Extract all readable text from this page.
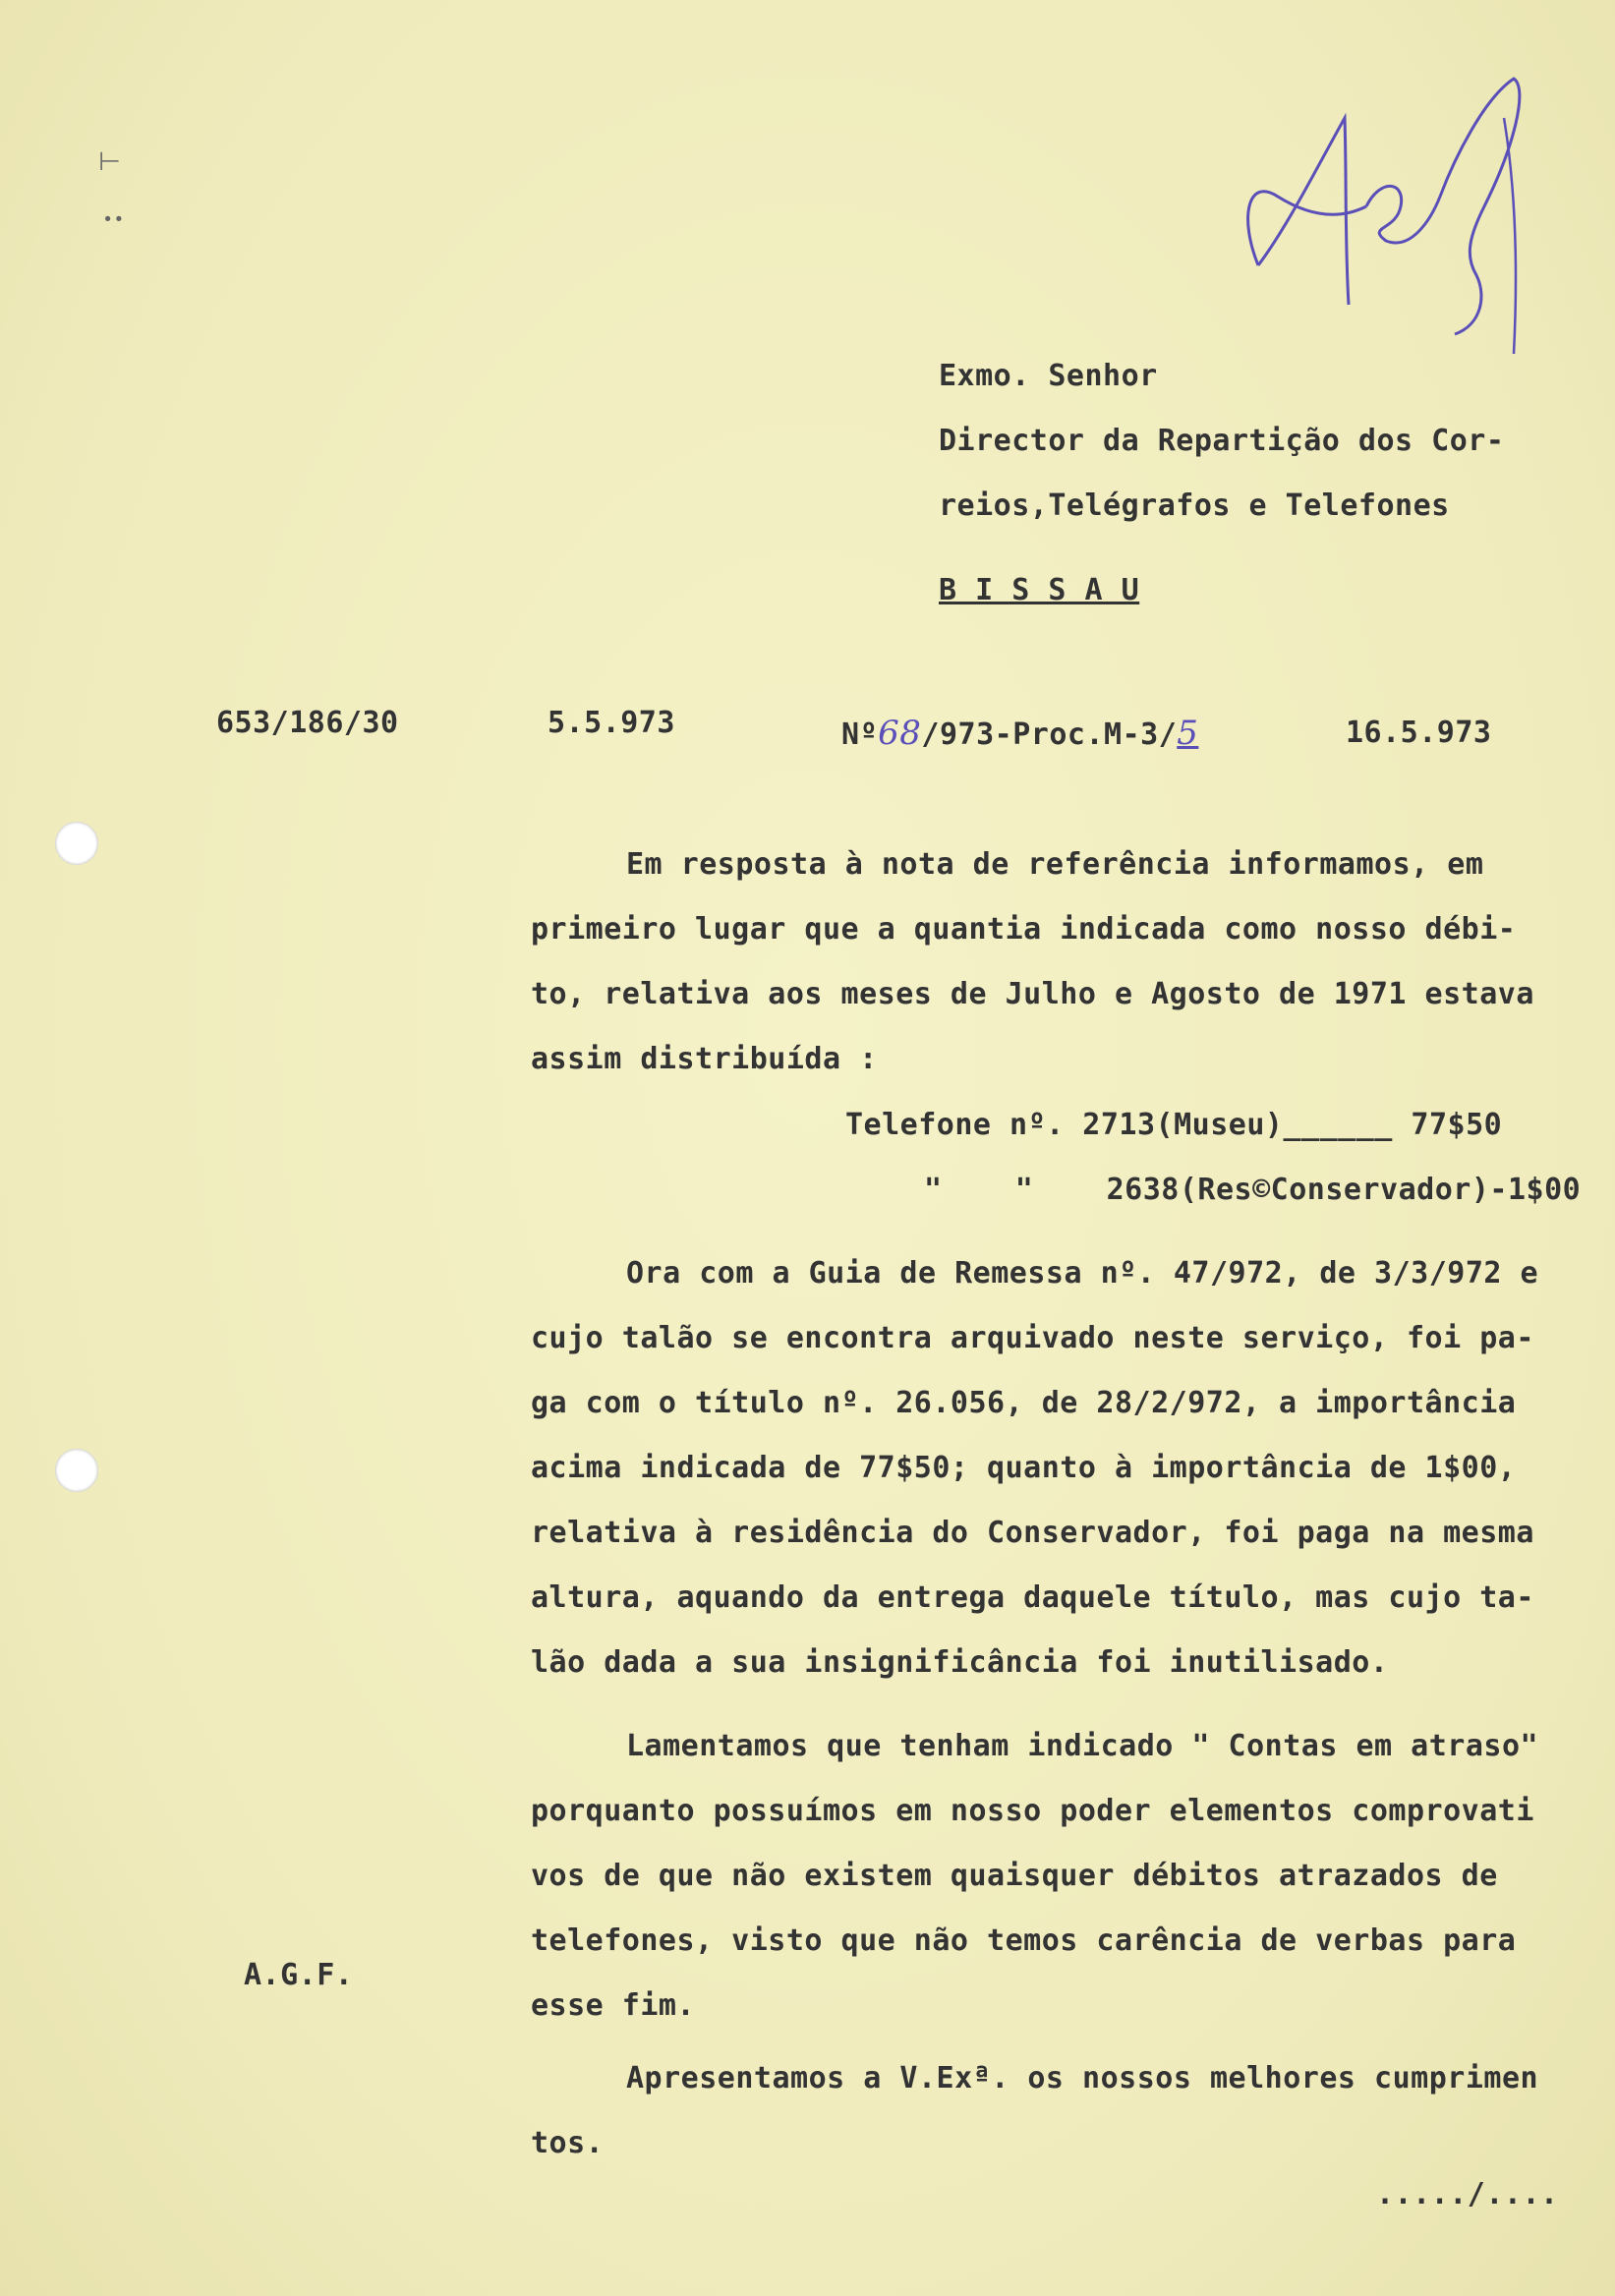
⊢
∙∙
Exmo. Senhor
Director da Repartição dos Cor-
reios,Telégrafos e Telefones
B I S S A U
653/186/30	5.5.973	Nº68/973-Proc.M-3/5	16.5.973
Em resposta à nota de referência informamos, em
primeiro lugar que a quantia indicada como nosso débi-
to, relativa aos meses de Julho e Agosto de 1971 estava
assim distribuída :
Telefone nº. 2713(Museu)______ 77$50
"    "    2638(Res©Conservador)-1$00
Ora com a Guia de Remessa nº. 47/972, de 3/3/972 e
cujo talão se encontra arquivado neste serviço, foi pa-
ga com o título nº. 26.056, de 28/2/972, a importância
acima indicada de 77$50; quanto à importância de 1$00,
relativa à residência do Conservador, foi paga na mesma
altura, aquando da entrega daquele título, mas cujo ta-
lão dada a sua insignificância foi inutilisado.
Lamentamos que tenham indicado " Contas em atraso"
porquanto possuímos em nosso poder elementos comprovati
vos de que não existem quaisquer débitos atrazados de
telefones, visto que não temos carência de verbas para
esse fim.
A.G.F.
Apresentamos a V.Exª. os nossos melhores cumprimen
tos.
...../....
